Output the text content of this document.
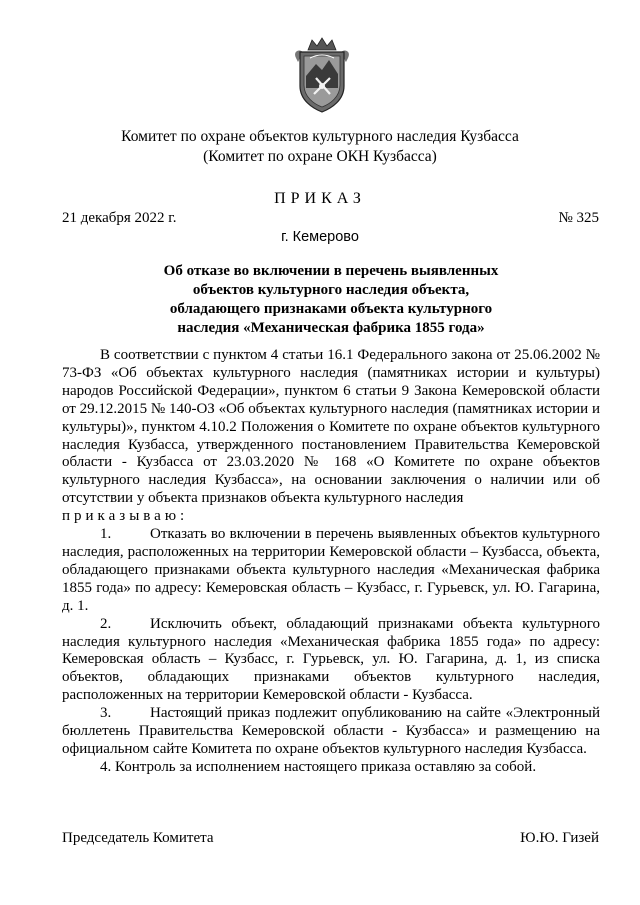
Комитет по охране объектов культурного наследия Кузбасса
(Комитет по охране ОКН Кузбасса)
ПРИКАЗ
21 декабря 2022 г.	№ 325
г. Кемерово
Об отказе во включении в перечень выявленных
объектов культурного наследия объекта,
обладающего признаками объекта культурного
наследия «Механическая фабрика 1855 года»

В соответствии с пунктом 4 статьи 16.1 Федерального закона от 25.06.2002 № 73-ФЗ «Об объектах культурного наследия (памятниках истории и культуры) народов Российской Федерации», пунктом 6 статьи 9 Закона Кемеровской области от 29.12.2015 № 140-ОЗ «Об объектах культурного наследия (памятниках истории и культуры)», пунктом 4.10.2 Положения о Комитете по охране объектов культурного наследия Кузбасса, утвержденного постановлением Правительства Кемеровской области - Кузбасса от 23.03.2020 № 168 «О Комитете по охране объектов культурного наследия Кузбасса», на основании заключения о наличии или об отсутствии у объекта признаков объекта культурного наследия

приказываю:

1.	Отказать во включении в перечень выявленных объектов культурного наследия, расположенных на территории Кемеровской области – Кузбасса, объекта, обладающего признаками объекта культурного наследия «Механическая фабрика 1855 года» по адресу: Кемеровская область – Кузбасс, г. Гурьевск, ул. Ю. Гагарина, д. 1.

2.	Исключить объект, обладающий признаками объекта культурного наследия культурного наследия «Механическая фабрика 1855 года» по адресу: Кемеровская область – Кузбасс, г. Гурьевск, ул. Ю. Гагарина, д. 1, из списка объектов, обладающих признаками объектов культурного наследия, расположенных на территории Кемеровской области - Кузбасса.

3.	Настоящий приказ подлежит опубликованию на сайте «Электронный бюллетень Правительства Кемеровской области - Кузбасса» и размещению на официальном сайте Комитета по охране объектов культурного наследия Кузбасса.

4. Контроль за исполнением настоящего приказа оставляю за собой.

Председатель Комитета	Ю.Ю. Гизей
